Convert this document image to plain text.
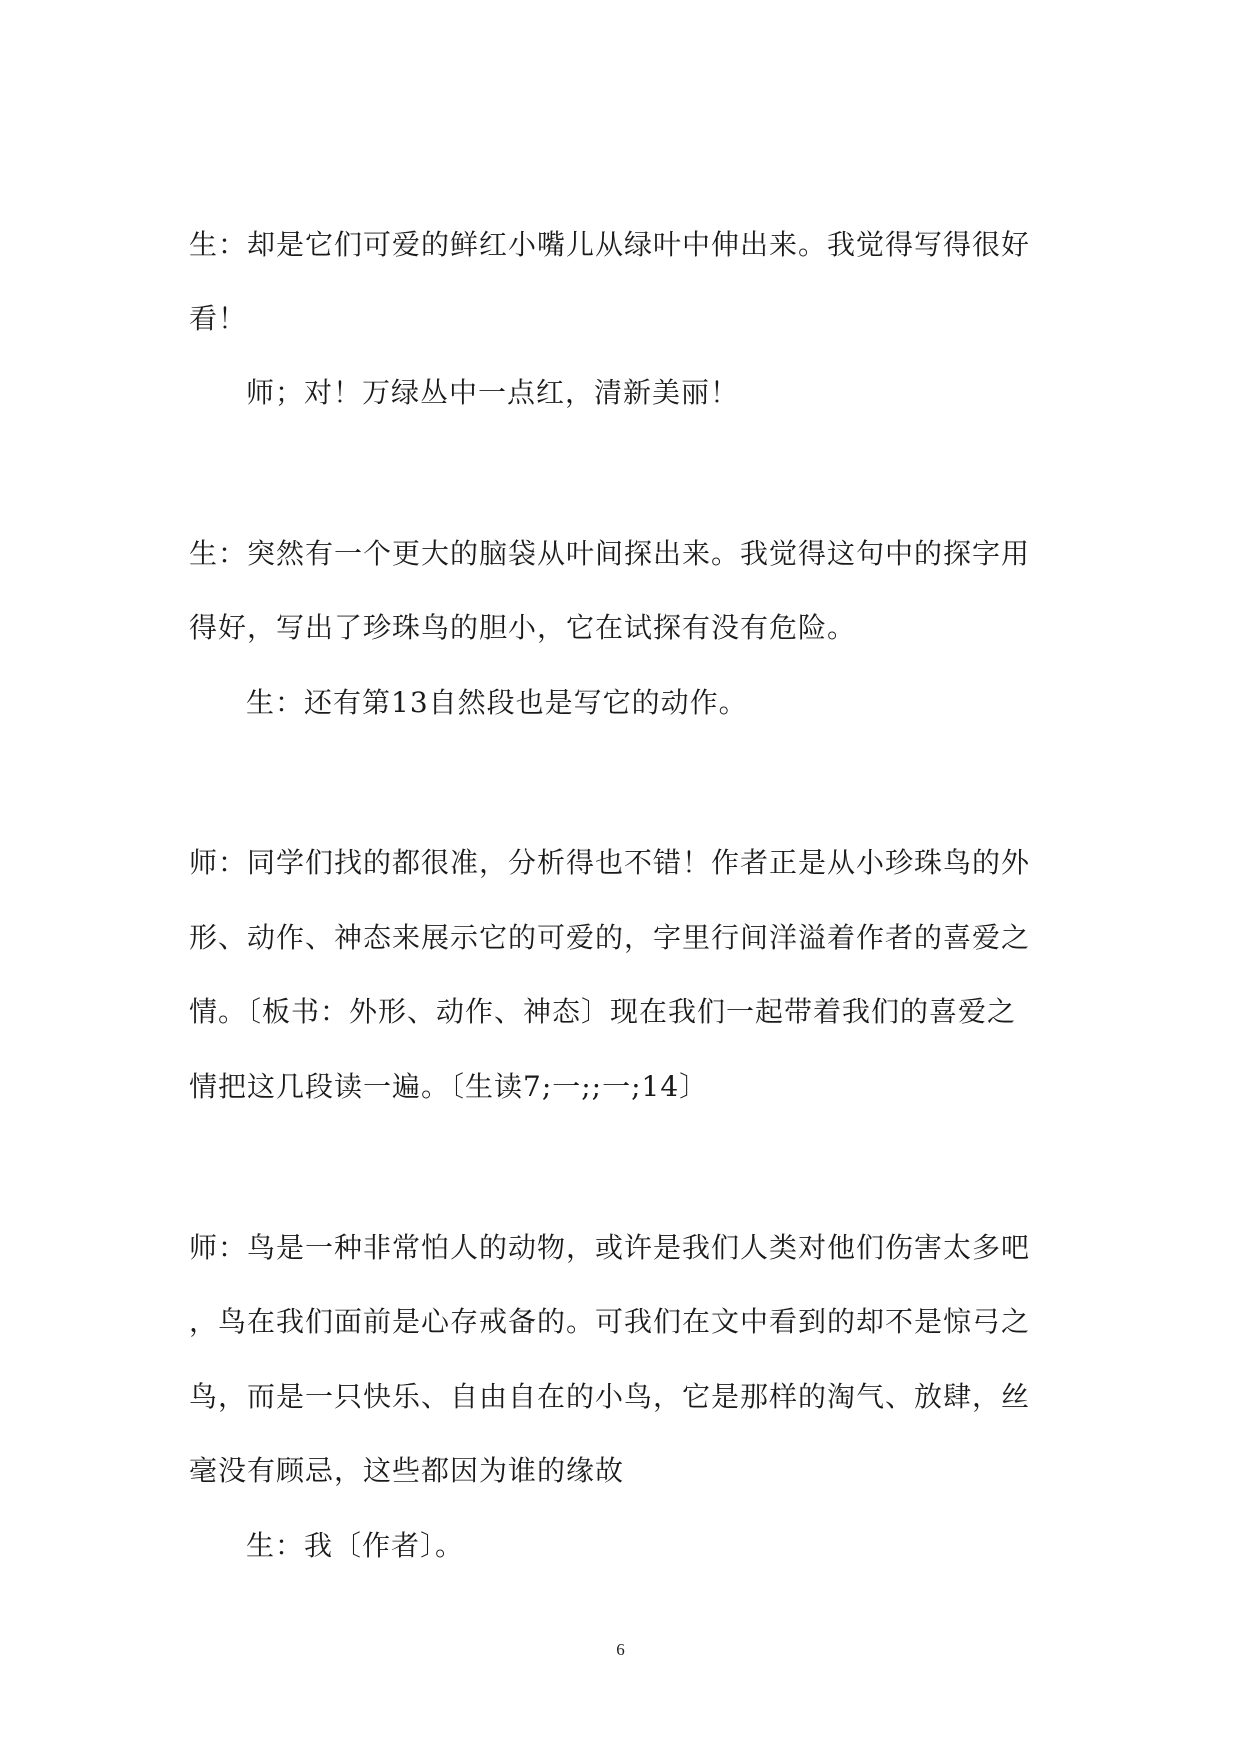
生：却是它们可爱的鲜红小嘴儿从绿叶中伸出来。我觉得写得很好
看！
师；对！万绿丛中一点红，清新美丽！
生：突然有一个更大的脑袋从叶间探出来。我觉得这句中的探字用
得好，写出了珍珠鸟的胆小，它在试探有没有危险。
生：还有第13自然段也是写它的动作。
师：同学们找的都很准，分析得也不错！作者正是从小珍珠鸟的外
形、动作、神态来展示它的可爱的，字里行间洋溢着作者的喜爱之
情。〔板书：外形、动作、神态〕现在我们一起带着我们的喜爱之
情把这几段读一遍。〔生读7;一;;一;14〕
师：鸟是一种非常怕人的动物，或许是我们人类对他们伤害太多吧
，鸟在我们面前是心存戒备的。可我们在文中看到的却不是惊弓之
鸟，而是一只快乐、自由自在的小鸟，它是那样的淘气、放肆，丝
毫没有顾忌，这些都因为谁的缘故
生：我〔作者〕。
6
